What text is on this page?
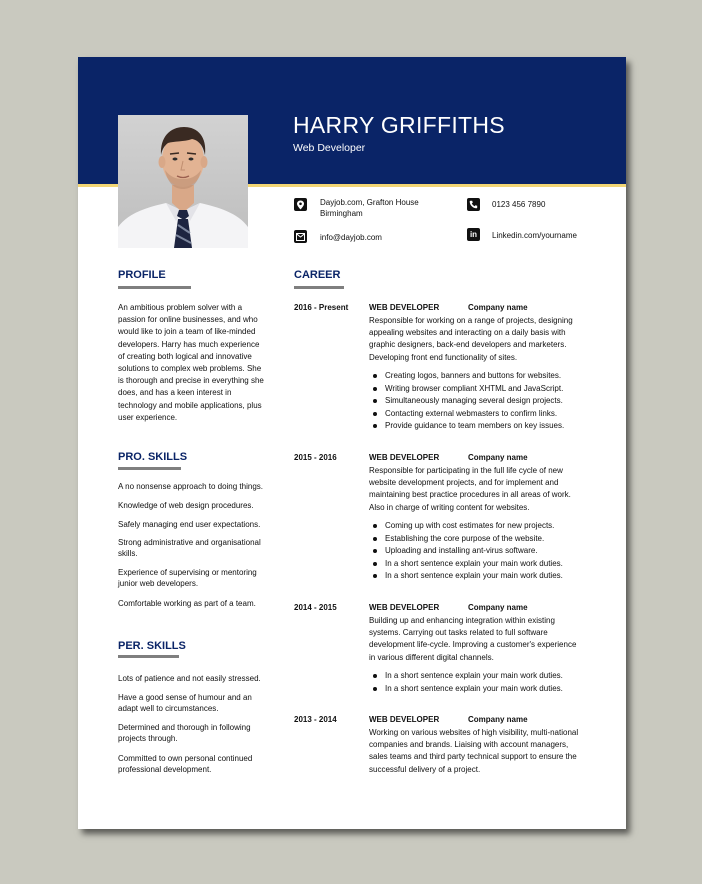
HARRY GRIFFITHS
Web Developer
Dayjob.com, Grafton House
Birmingham
info@dayjob.com
0123 456 7890
in	Linkedin.com/yourname
PROFILE
An ambitious problem solver with a passion for online businesses, and who would like to join a team of like-minded developers. Harry has much experience of creating both logical and innovative solutions to complex web problems. She is thorough and precise in everything she does, and has a keen interest in technology and mobile applications, plus user experience.
PRO. SKILLS
A no nonsense approach to doing things.
Knowledge of web design procedures.
Safely managing end user expectations.
Strong administrative and organisational skills.
Experience of supervising or mentoring junior web developers.
Comfortable working as part of a team.
PER. SKILLS
Lots of patience and not easily stressed.
Have a good sense of humour and an adapt well to circumstances.
Determined and thorough in following projects through.
Committed to own personal continued professional development.
CAREER
2016 - Present	WEB DEVELOPER	Company name
Responsible for working on a range of projects, designing appealing websites and interacting on a daily basis with graphic designers, back-end developers and marketers. Developing front end functionality of sites.
Creating logos, banners and buttons for websites.
Writing browser compliant XHTML and JavaScript.
Simultaneously managing several design projects.
Contacting external webmasters to confirm links.
Provide guidance to team members on key issues.
2015 - 2016	WEB DEVELOPER	Company name
Responsible for participating in the full life cycle of new website development projects, and for implement and maintaining best practice procedures in all areas of work. Also in charge of writing content for websites.
Coming up with cost estimates for new projects.
Establishing the core purpose of the website.
Uploading and installing ant-virus software.
In a short sentence explain your main work duties.
In a short sentence explain your main work duties.
2014 - 2015	WEB DEVELOPER	Company name
Building up and enhancing integration within existing systems. Carrying out tasks related to full software development life-cycle. Improving a customer's experience in various different digital channels.
In a short sentence explain your main work duties.
In a short sentence explain your main work duties.
2013 - 2014	WEB DEVELOPER	Company name
Working on various websites of high visibility, multi-national companies and brands. Liaising with account managers, sales teams and third party technical support to ensure the successful delivery of a project.
